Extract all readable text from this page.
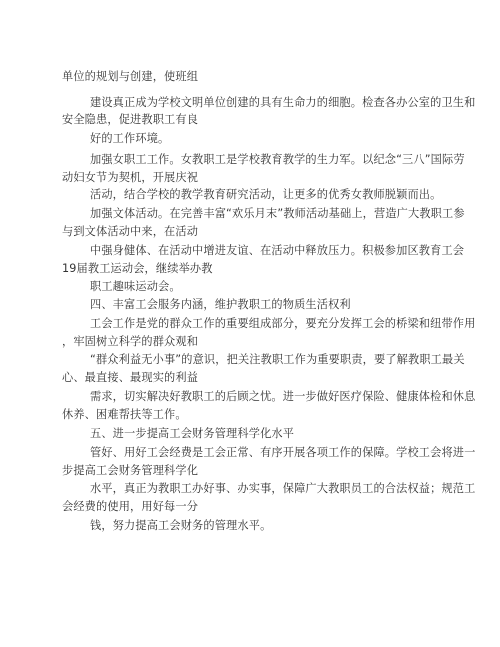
单位的规划与创建，使班组
建设真正成为学校文明单位创建的具有生命力的细胞。检查各办公室的卫生和
安全隐患，促进教职工有良
好的工作环境。
加强女职工工作。女教职工是学校教育教学的生力军。以纪念“三八”国际劳
动妇女节为契机，开展庆祝
活动，结合学校的教学教育研究活动，让更多的优秀女教师脱颖而出。
加强文体活动。在完善丰富“欢乐月末”教师活动基础上，营造广大教职工参
与到文体活动中来，在活动
中强身健体、在活动中增进友谊、在活动中释放压力。积极参加区教育工会
19届教工运动会，继续举办教
职工趣味运动会。
四、丰富工会服务内涵，维护教职工的物质生活权利
工会工作是党的群众工作的重要组成部分，要充分发挥工会的桥梁和纽带作用
，牢固树立科学的群众观和
“群众利益无小事”的意识，把关注教职工作为重要职责，要了解教职工最关
心、最直接、最现实的利益
需求，切实解决好教职工的后顾之忧。进一步做好医疗保险、健康体检和休息
休养、困难帮扶等工作。
五、进一步提高工会财务管理科学化水平
管好、用好工会经费是工会正常、有序开展各项工作的保障。学校工会将进一
步提高工会财务管理科学化
水平，真正为教职工办好事、办实事，保障广大教职员工的合法权益；规范工
会经费的使用，用好每一分
钱，努力提高工会财务的管理水平。
